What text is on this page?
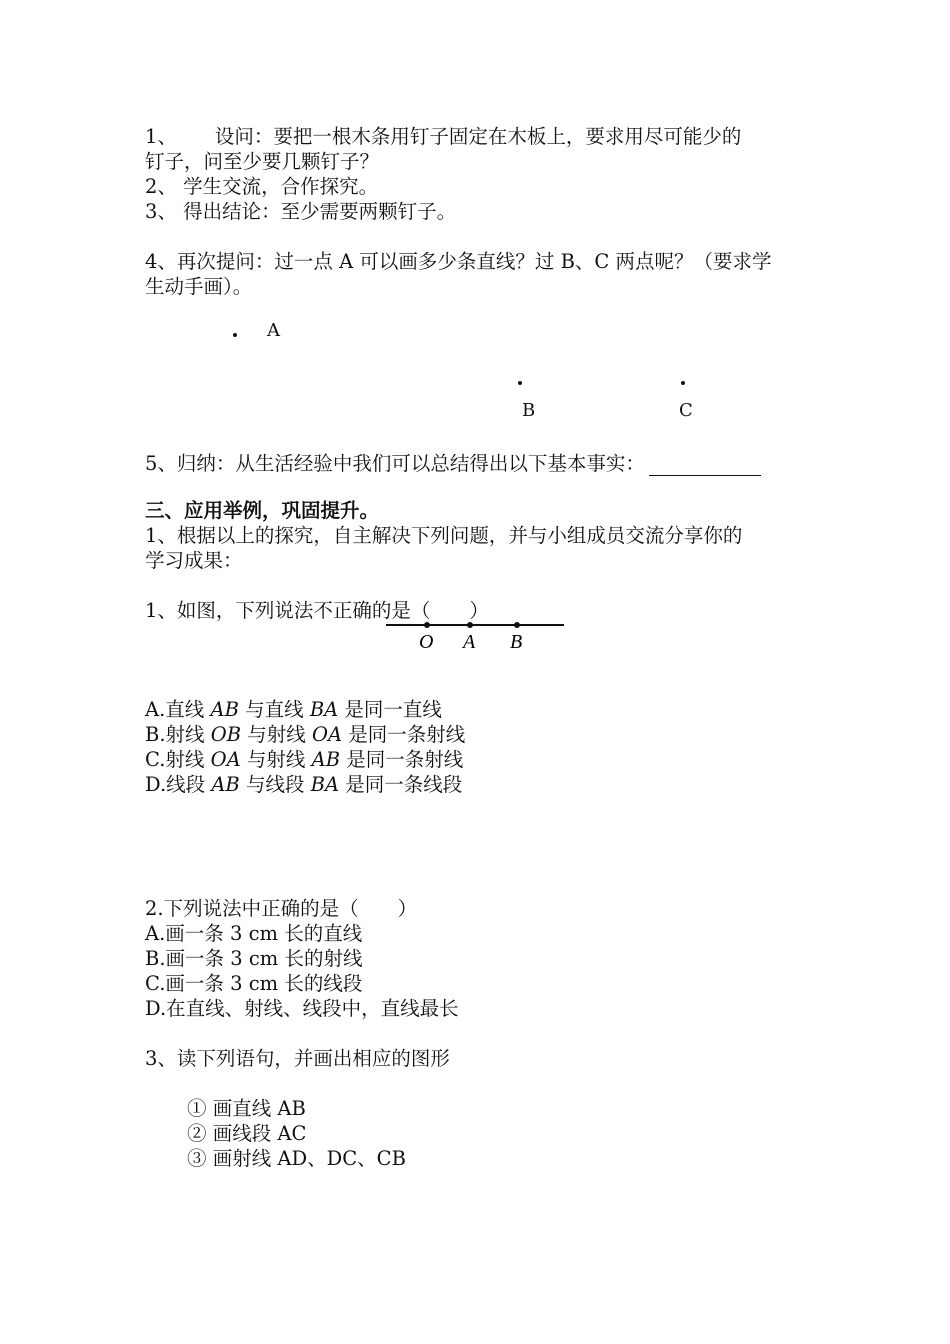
1、 设问：要把一根木条用钉子固定在木板上，要求用尽可能少的
钉子，问至少要几颗钉子？
2、 学生交流，合作探究。
3、 得出结论：至少需要两颗钉子。
4、再次提问：过一点 A 可以画多少条直线？过 B、C 两点呢？（要求学
生动手画）。
A
B	C
5、归纳：从生活经验中我们可以总结得出以下基本事实：
三、应用举例，巩固提升。
1、根据以上的探究，自主解决下列问题，并与小组成员交流分享你的
学习成果：
1、如图，下列说法不正确的是（　　）
O A B
A.直线 AB 与直线 BA 是同一直线
B.射线 OB 与射线 OA 是同一条射线
C.射线 OA 与射线 AB 是同一条射线
D.线段 AB 与线段 BA 是同一条线段
2.下列说法中正确的是（　　）
A.画一条 3 cm 长的直线
B.画一条 3 cm 长的射线
C.画一条 3 cm 长的线段
D.在直线、射线、线段中，直线最长
3、读下列语句，并画出相应的图形
① 画直线 AB
② 画线段 AC
③ 画射线 AD、DC、CB
